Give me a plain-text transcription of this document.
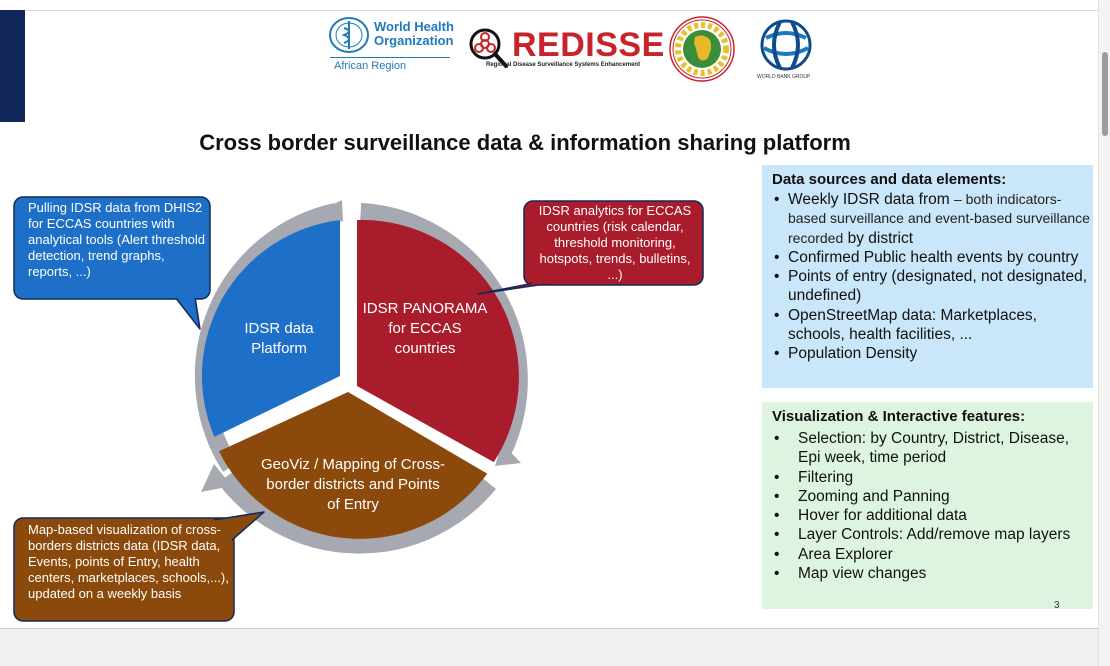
World Health Organization
African Region
REDISSE
Regional Disease Surveillance Systems Enhancement
WORLD BANK GROUP
Cross border surveillance data & information sharing platform
IDSR data Platform
IDSR PANORAMA for ECCAS countries
GeoViz / Mapping of Cross-border districts and Points of Entry
Pulling IDSR data from DHIS2 for ECCAS countries with analytical tools (Alert threshold detection, trend graphs, reports, ...)
IDSR analytics for ECCAS countries (risk calendar, threshold monitoring, hotspots, trends, bulletins, ...)
Map-based visualization of cross-borders districts data (IDSR data, Events, points of Entry, health centers, marketplaces, schools,...), updated on a weekly basis
Data sources and data elements:
• Weekly IDSR data from – both indicators-based surveillance and event-based surveillance recorded by district
• Confirmed Public health events by country
• Points of entry (designated, not designated, undefined)
• OpenStreetMap data: Marketplaces, schools, health facilities, ...
• Population Density
Visualization & Interactive features:
• Selection: by Country, District, Disease, Epi week, time period
• Filtering
• Zooming and Panning
• Hover for additional data
• Layer Controls: Add/remove map layers
• Area Explorer
• Map view changes
3
